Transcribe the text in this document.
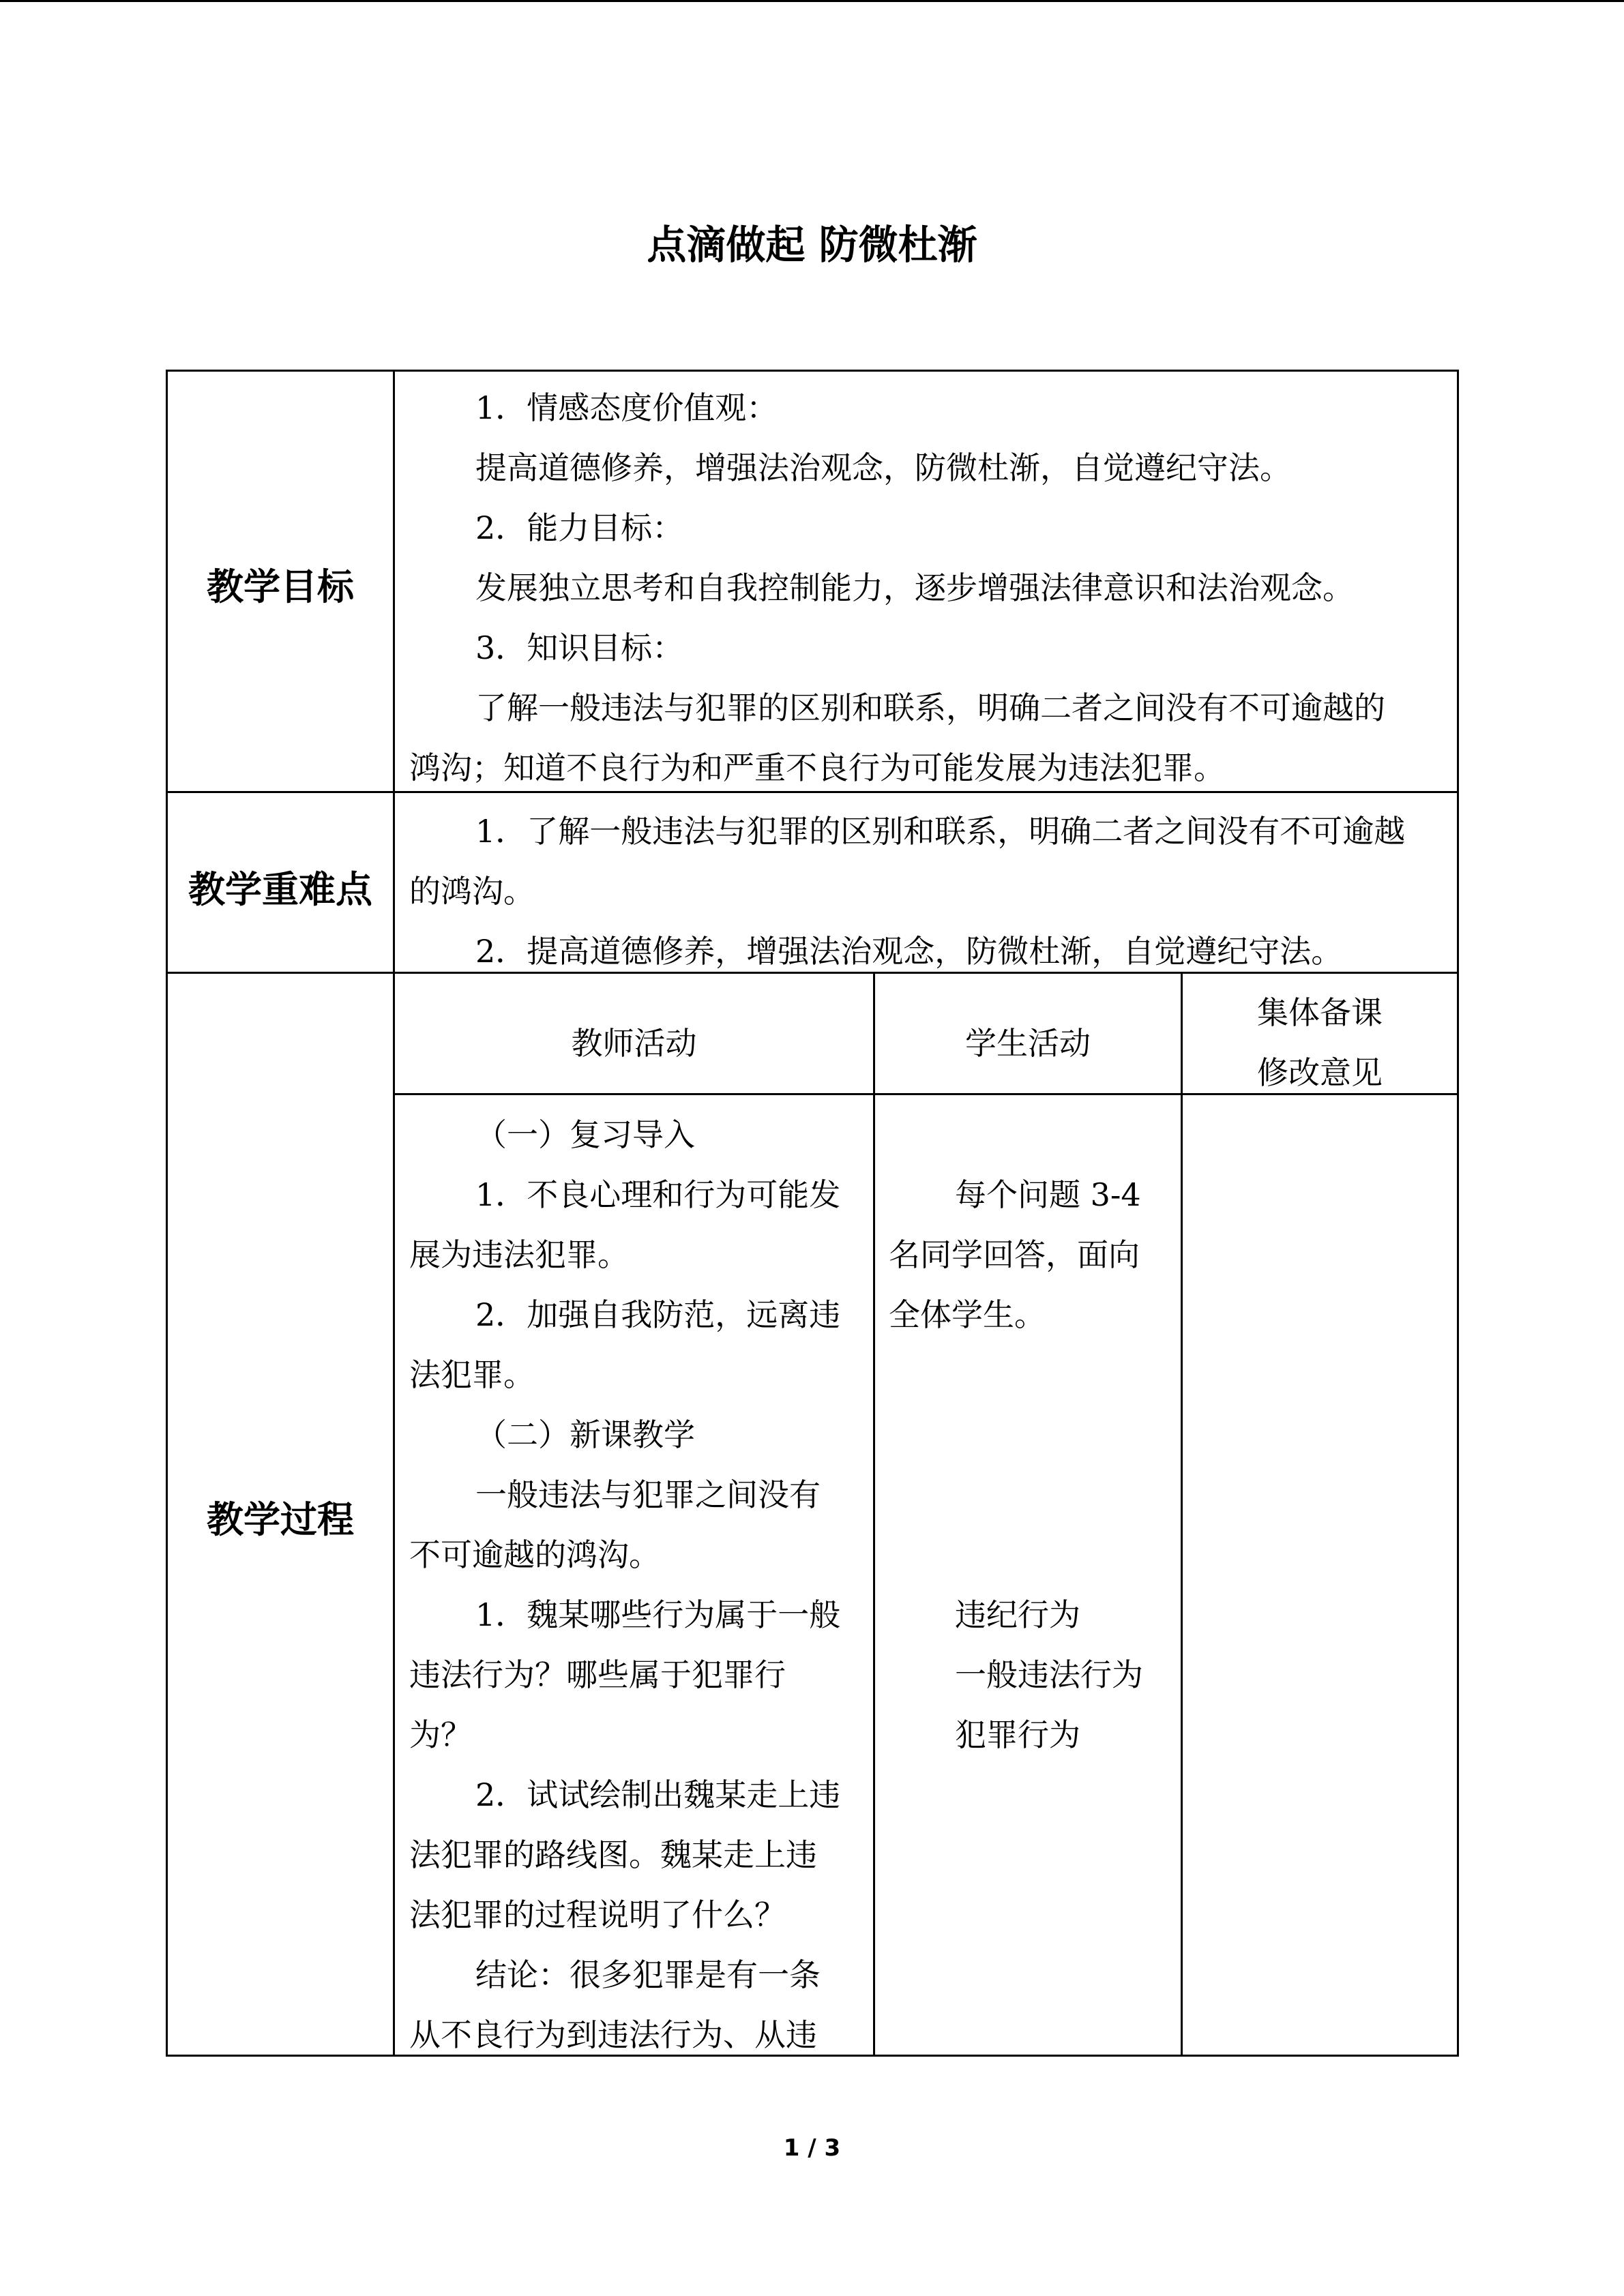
点滴做起 防微杜渐
教学目标
教学重难点
教学过程
1．情感态度价值观：
提高道德修养，增强法治观念，防微杜渐，自觉遵纪守法。
2．能力目标：
发展独立思考和自我控制能力，逐步增强法律意识和法治观念。
3．知识目标：
了解一般违法与犯罪的区别和联系，明确二者之间没有不可逾越的
鸿沟；知道不良行为和严重不良行为可能发展为违法犯罪。
1．了解一般违法与犯罪的区别和联系，明确二者之间没有不可逾越
的鸿沟。
2．提高道德修养，增强法治观念，防微杜渐，自觉遵纪守法。
教师活动	学生活动
集体备课
修改意见
（一）复习导入
1．不良心理和行为可能发
展为违法犯罪。
2．加强自我防范，远离违
法犯罪。
（二）新课教学
一般违法与犯罪之间没有
不可逾越的鸿沟。
1．魏某哪些行为属于一般
违法行为？哪些属于犯罪行
为？
2．试试绘制出魏某走上违
法犯罪的路线图。魏某走上违
法犯罪的过程说明了什么？
结论：很多犯罪是有一条
从不良行为到违法行为、从违
每个问题 3-4
名同学回答，面向
全体学生。
违纪行为
一般违法行为
犯罪行为
1 / 3
